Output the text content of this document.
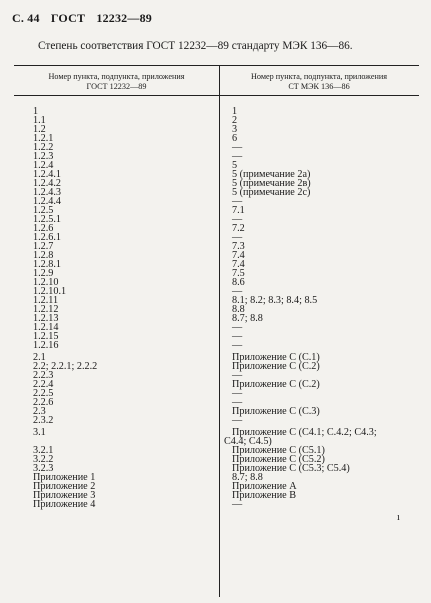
С. 44 ГОСТ 12232—89
Степень соответствия ГОСТ 12232—89 стандарту МЭК 136—86.
Номер пункта, подпункта, приложения
ГОСТ 12232—89
Номер пункта, подпункта, приложения
СТ МЭК 136—86
1	1
1.1	2
1.2	3
1.2.1	6
1.2.2	—
1.2.3	—
1.2.4	5
1.2.4.1	5 (примечание 2а)
1.2.4.2	5 (примечание 2в)
1.2.4.3	5 (примечание 2с)
1.2.4.4	—
1.2.5	7.1
1.2.5.1	—
1.2.6	7.2
1.2.6.1	—
1.2.7	7.3
1.2.8	7.4
1.2.8.1	7.4
1.2.9	7.5
1.2.10	8.6
1.2.10.1	—
1.2.11	8.1; 8.2; 8.3; 8.4; 8.5
1.2.12	8.8
1.2.13	8.7; 8.8
1.2.14	—
1.2.15	—
1.2.16	—
2.1	Приложение С (С.1)
2.2; 2.2.1; 2.2.2	Приложение С (С.2)
2.2.3	—
2.2.4	Приложение С (С.2)
2.2.5	—
2.2.6	—
2.3	Приложение С (С.3)
2.3.2	—
3.1	Приложение С (С4.1; С.4.2; С4.3;
С4.4; С4.5)
3.2.1	Приложение С (С5.1)
3.2.2	Приложение С (С5.2)
3.2.3	Приложение С (С5.3; С5.4)
Приложение 1	8.7; 8.8
Приложение 2	Приложение А
Приложение 3	Приложение В
Приложение 4	—
ı
